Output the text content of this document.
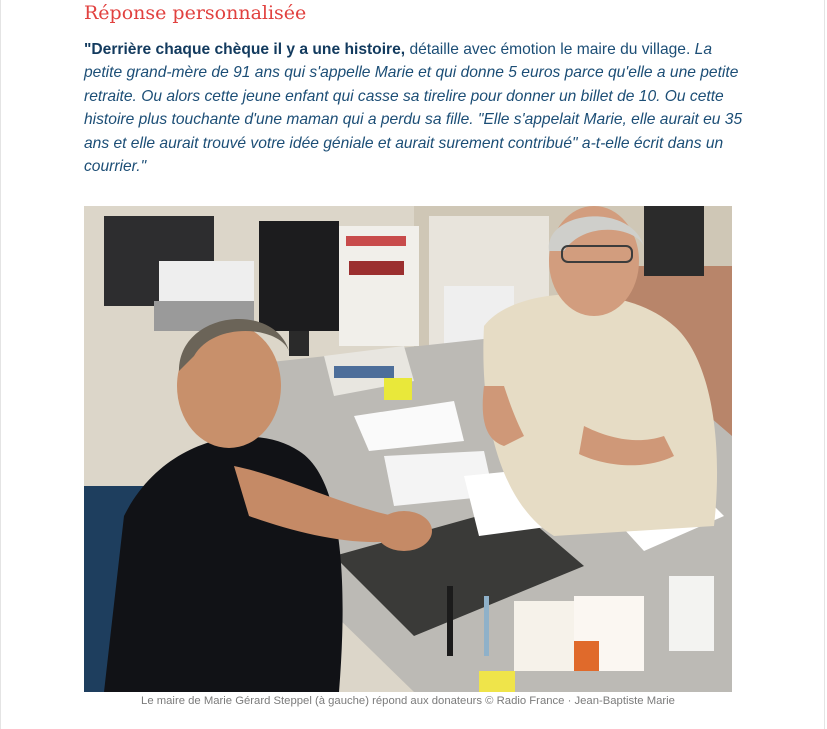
Réponse personnalisée

"Derrière chaque chèque il y a une histoire, détaille avec émotion le maire du village. La petite grand-mère de 91 ans qui s'appelle Marie et qui donne 5 euros parce qu'elle a une petite retraite. Ou alors cette jeune enfant qui casse sa tirelire pour donner un billet de 10. Ou cette histoire plus touchante d'une maman qui a perdu sa fille. "Elle s'appelait Marie, elle aurait eu 35 ans et elle aurait trouvé votre idée géniale et aurait surement contribué" a-t-elle écrit dans un courrier."

Le maire de Marie Gérard Steppel (à gauche) répond aux donateurs © Radio France · Jean-Baptiste Marie
